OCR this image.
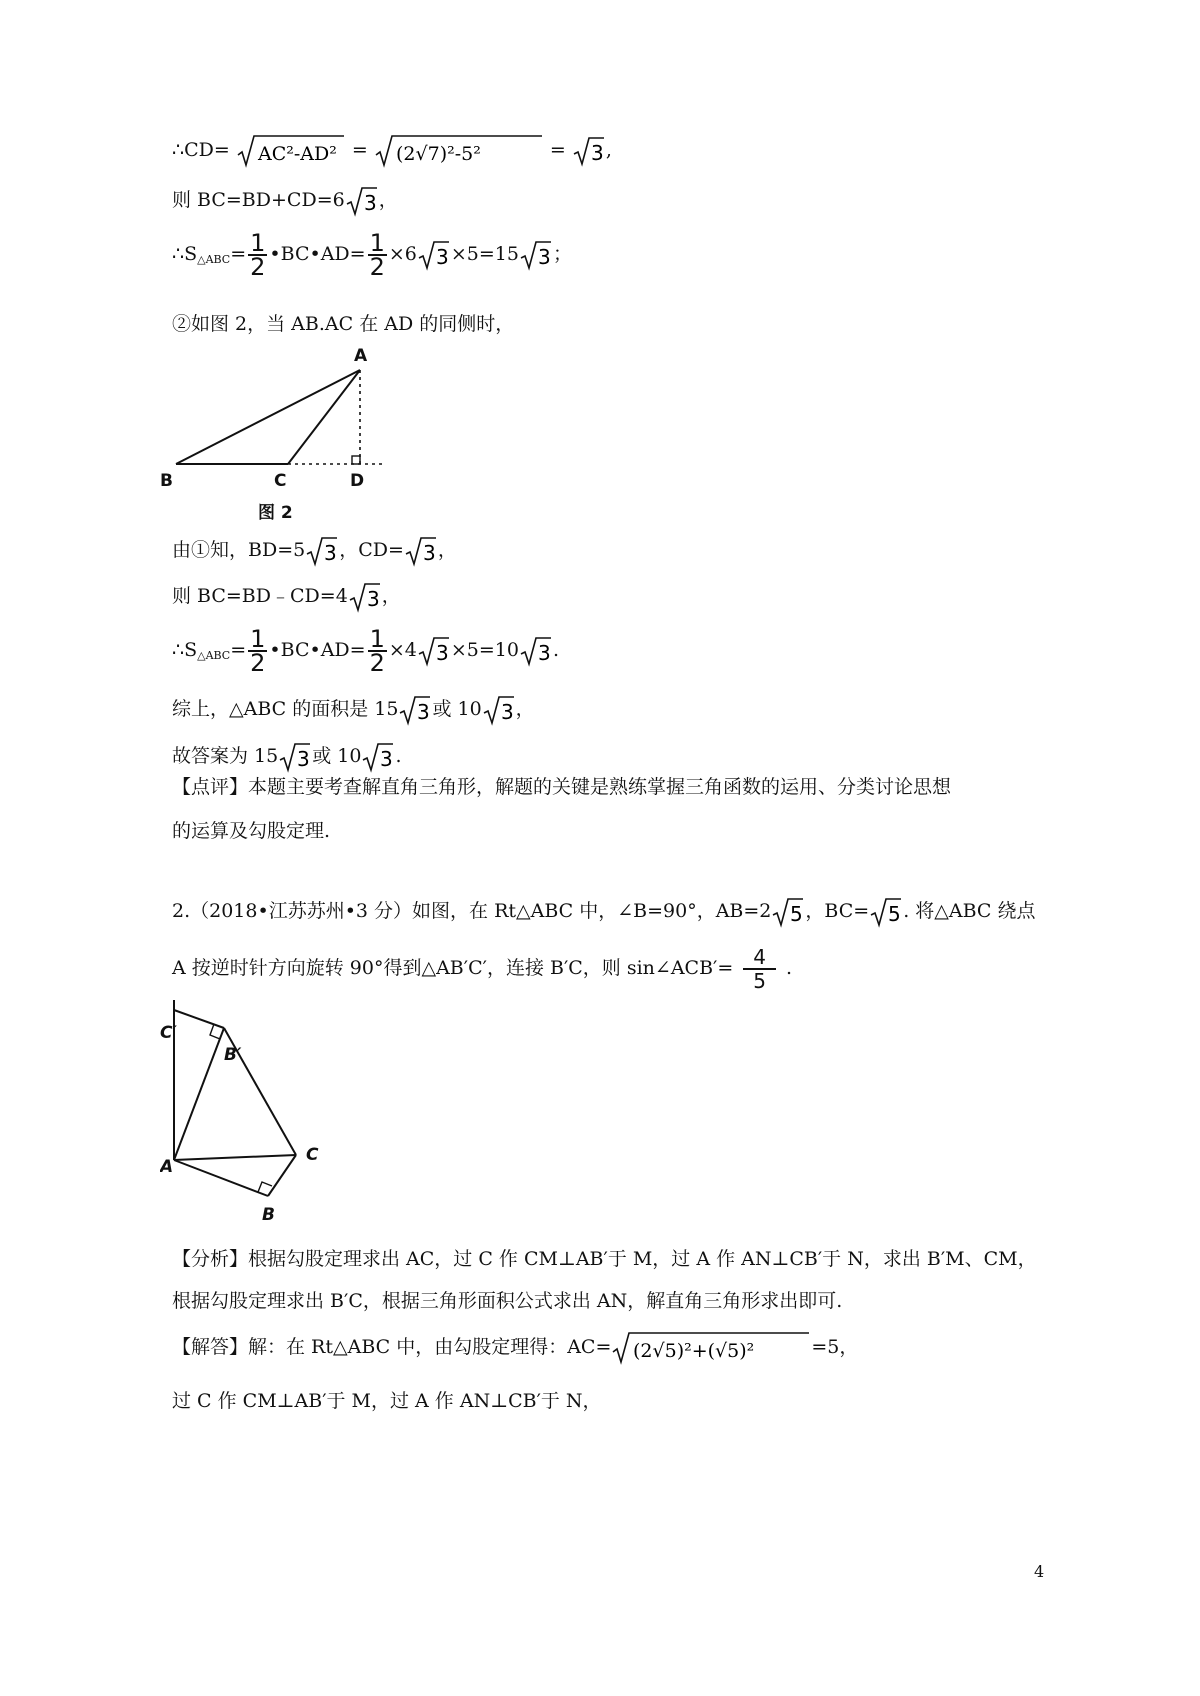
∴CD= AC²-AD² = (2√7)²-5²	= 3 ,
则 BC=BD+CD=6 3 ，
$\therefore S_{\triangle ABC}= \frac{1}{2}$ •BC•AD= $\frac{1}{2} \times 6$ 3 ×5=15 3 ；
②如图 2，当 AB.AC 在 AD 的同侧时，
A
B	C	D
图 2
由①知，BD=5 3 ，CD= 3 ，
则 BC=BD﹣CD=4 3 ，
$\therefore S_{\triangle ABC}= \frac{1}{2}$ •BC•AD= $\frac{1}{2} \times 4$ 3 ×5=10 3 .
综上，△ABC 的面积是 15 3 或 10 3 ，
故答案为 15 3 或 10 3 .
【点评】本题主要考查解直角三角形，解题的关键是熟练掌握三角函数的运用、分类讨论思想
的运算及勾股定理.
2.（2018•江苏苏州•3 分）如图，在 Rt△ABC 中，∠B=90°，AB=2 5 ，BC= 5 . 将△ABC 绕点
A 按逆时针方向旋转 90°得到△AB′C′，连接 B′C，则 sin∠ACB′= $\frac{4}{5}$ .
C′
B′
A
C
B
【分析】根据勾股定理求出 AC，过 C 作 CM⊥AB′于 M，过 A 作 AN⊥CB′于 N，求出 B′M、CM，
根据勾股定理求出 B′C，根据三角形面积公式求出 AN，解直角三角形求出即可.
【解答】解：在 Rt△ABC 中，由勾股定理得：AC= (2√5)²+(√5)²	=5，
过 C 作 CM⊥AB′于 M，过 A 作 AN⊥CB′于 N，
4
